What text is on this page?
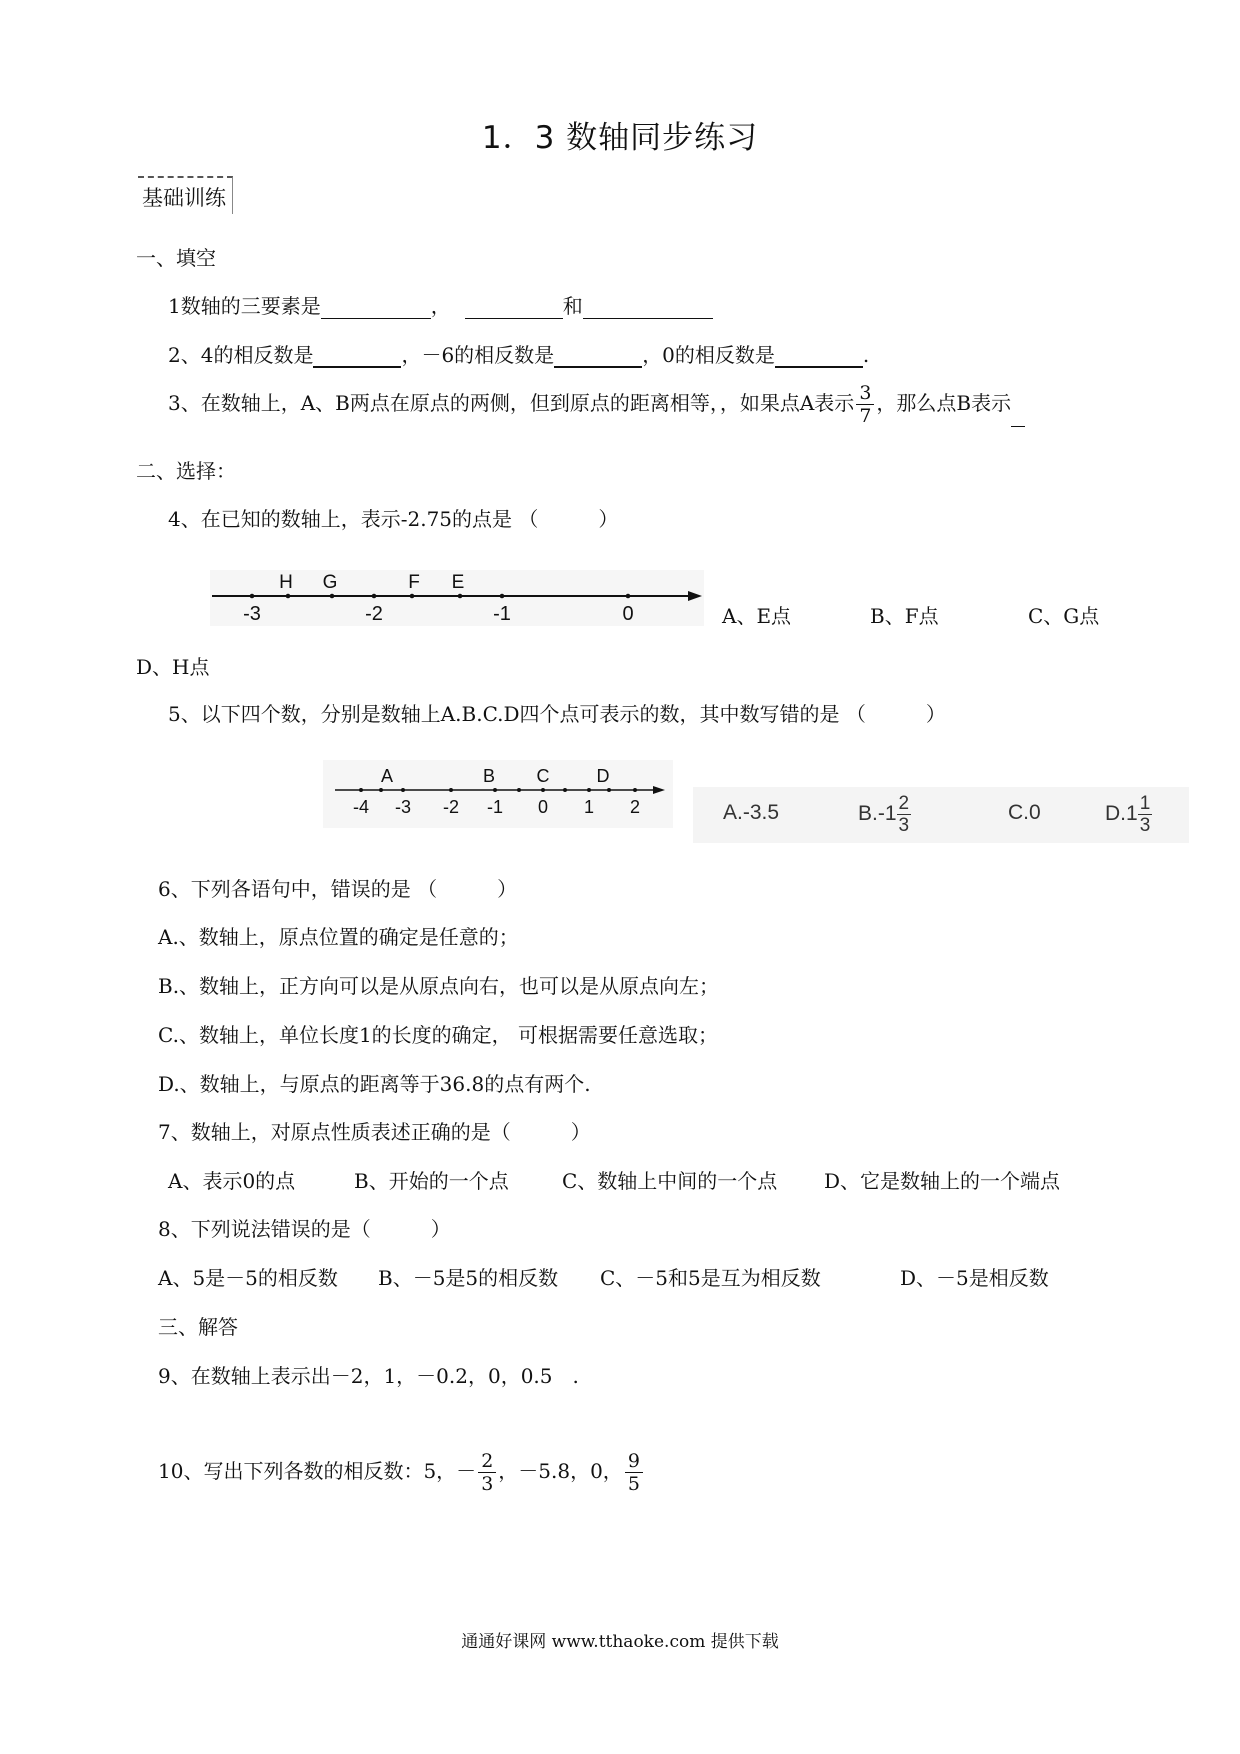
1．3 数轴同步练习
基础训练
一、填空
1数轴的三要素是	，	和
2、4的相反数是	，－6的相反数是	，0的相反数是	.
3、在数轴上，A、B两点在原点的两侧，但到原点的距离相等，，如果点A表示 $\frac{3}{7}$ ，那么点B表示
二、选择：
4、在已知的数轴上，表示-2.75的点是 （　　　）
-3	-2	-1	0
H G	F E
A、E点	B、F点	C、G点
D、H点
5、以下四个数，分别是数轴上A.B.C.D四个点可表示的数，其中数写错的是 （　　　）
-4 -3 -2 -1 0 1 2
A	B C	D
A.-3.5	$B.-1 \frac{2}{3}$	C.0	$D.1 \frac{1}{3}$
6、下列各语句中，错误的是 （　　　）
A.、数轴上，原点位置的确定是任意的；
B.、数轴上，正方向可以是从原点向右，也可以是从原点向左；
C.、数轴上，单位长度1的长度的确定， 可根据需要任意选取；
D.、数轴上，与原点的距离等于36.8的点有两个.
7、数轴上，对原点性质表述正确的是（　　　）
A、表示0的点	B、开始的一个点	C、数轴上中间的一个点 D、它是数轴上的一个端点
8、下列说法错误的是（　　　）
A、5是－5的相反数 B、－5是5的相反数 C、－5和5是互为相反数	D、－5是相反数
三、解答
9、在数轴上表示出－2，1，－0.2，0，0.5　.
10、写出下列各数的相反数：5，－ $\frac{2}{3}$ ，－5.8，0， $\frac{9}{5}$
通通好课网 www.tthaoke.com 提供下载
